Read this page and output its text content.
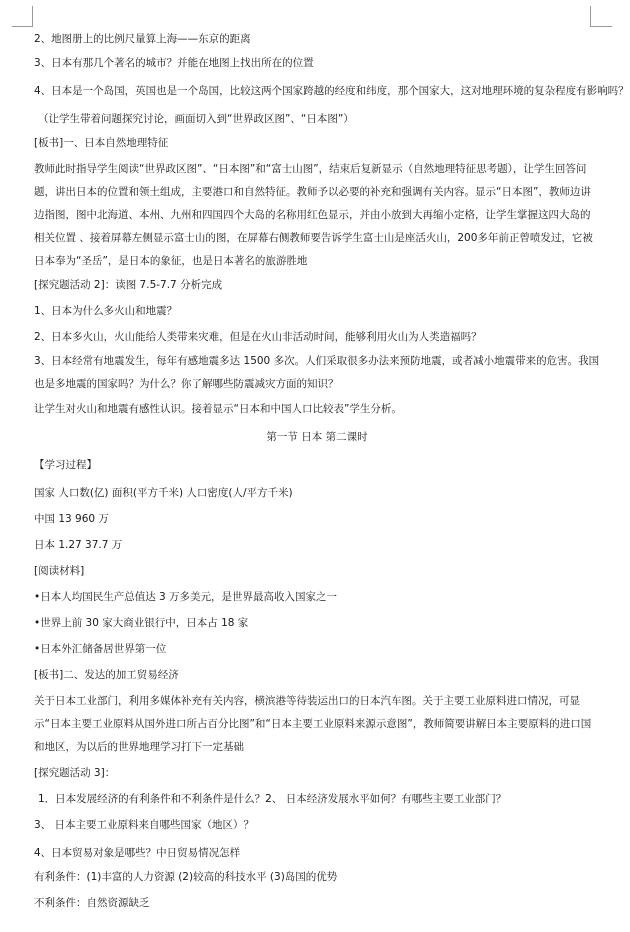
2、地图册上的比例尺量算上海——东京的距离
3、日本有那几个著名的城市？并能在地图上找出所在的位置
4、日本是一个岛国，英国也是一个岛国，比较这两个国家跨越的经度和纬度，那个国家大，这对地理环境的复杂程度有影响吗？
（让学生带着问题探究讨论，画面切入到“世界政区图”、“日本图”）
[板书]一、日本自然地理特征
教师此时指导学生阅读“世界政区图”、“日本图”和“富士山图”，结束后复新显示（自然地理特征思考题），让学生回答问题，讲出日本的位置和领土组成，主要港口和自然特征。教师予以必要的补充和强调有关内容。显示“日本图”，教师边讲边指图，图中北海道、本州、九州和四国四个大岛的名称用红色显示，并由小放到大再缩小定格，让学生掌握这四大岛的相关位置 、接着屏幕左侧显示富士山的图，在屏幕右侧教师要告诉学生富士山是座活火山，200多年前正曾喷发过，它被日本奉为“圣岳”，是日本的象征，也是日本著名的旅游胜地
[探究题活动 2]：读图 7.5-7.7 分析完成
1、日本为什么多火山和地震？
2、日本多火山，火山能给人类带来灾难，但是在火山非活动时间，能够利用火山为人类造福吗？
3、日本经常有地震发生，每年有感地震多达 1500 多次。人们采取很多办法来预防地震，或者减小地震带来的危害。我国也是多地震的国家吗？为什么？你了解哪些防震减灾方面的知识？
让学生对火山和地震有感性认识。接着显示“日本和中国人口比较表”学生分析。
第一节 日本 第二课时
【学习过程】
国家 人口数(亿) 面积(平方千米) 人口密度(人/平方千米)
中国 13 960 万
日本 1.27 37.7 万
[阅读材料]
•日本人均国民生产总值达 3 万多美元，是世界最高收入国家之一
•世界上前 30 家大商业银行中，日本占 18 家
•日本外汇储备居世界第一位
[板书]二、发达的加工贸易经济
关于日本工业部门，利用多媒体补充有关内容，横滨港等待装运出口的日本汽车图。关于主要工业原料进口情况，可显示“日本主要工业原料从国外进口所占百分比图”和“日本主要工业原料来源示意图”，教师简要讲解日本主要原料的进口国和地区，为以后的世界地理学习打下一定基础
[探究题活动 3]：
1．日本发展经济的有利条件和不利条件是什么？2、 日本经济发展水平如何？有哪些主要工业部门？
3、 日本主要工业原料来自哪些国家（地区）？
4、日本贸易对象是哪些？中日贸易情况怎样
有利条件：(1)丰富的人力资源 (2)较高的科技水平 (3)岛国的优势
不利条件：自然资源缺乏
